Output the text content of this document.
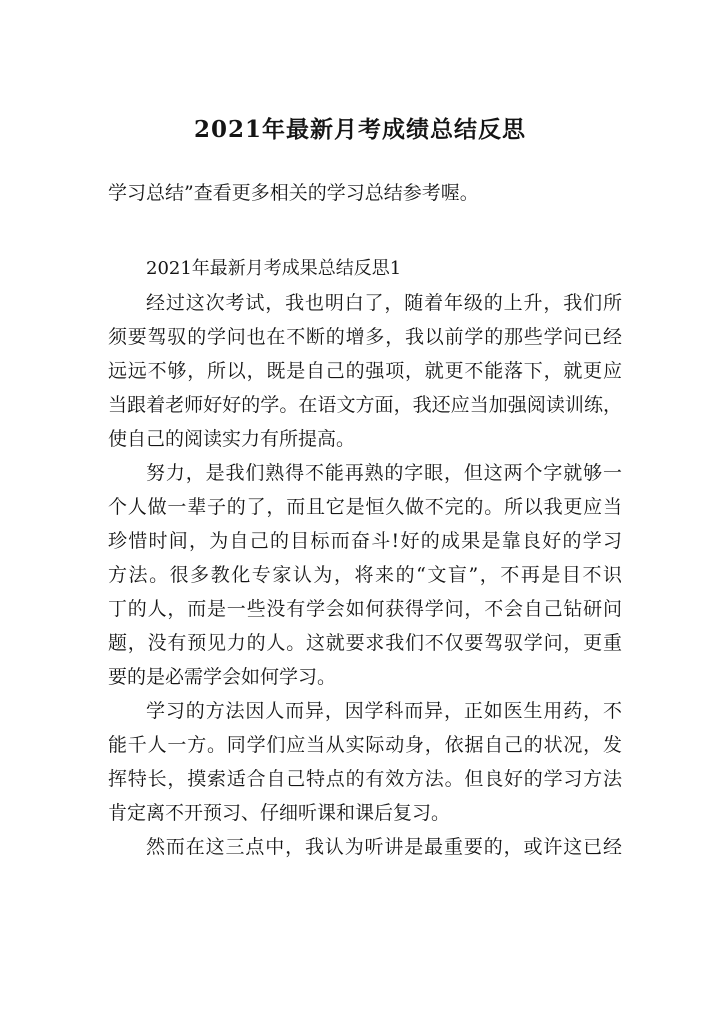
2021年最新月考成绩总结反思

学习总结”查看更多相关的学习总结参考喔。

2021年最新月考成果总结反思1

经过这次考试，我也明白了，随着年级的上升，我们所
须要驾驭的学问也在不断的增多，我以前学的那些学问已经
远远不够，所以，既是自己的强项，就更不能落下，就更应
当跟着老师好好的学。在语文方面，我还应当加强阅读训练，
使自己的阅读实力有所提高。

努力，是我们熟得不能再熟的字眼，但这两个字就够一
个人做一辈子的了，而且它是恒久做不完的。所以我更应当
珍惜时间，为自己的目标而奋斗!好的成果是靠良好的学习
方法。很多教化专家认为，将来的“文盲”，不再是目不识
丁的人，而是一些没有学会如何获得学问，不会自己钻研问
题，没有预见力的人。这就要求我们不仅要驾驭学问，更重
要的是必需学会如何学习。

学习的方法因人而异，因学科而异，正如医生用药，不
能千人一方。同学们应当从实际动身，依据自己的状况，发
挥特长，摸索适合自己特点的有效方法。但良好的学习方法
肯定离不开预习、仔细听课和课后复习。

然而在这三点中，我认为听讲是最重要的，或许这已经
